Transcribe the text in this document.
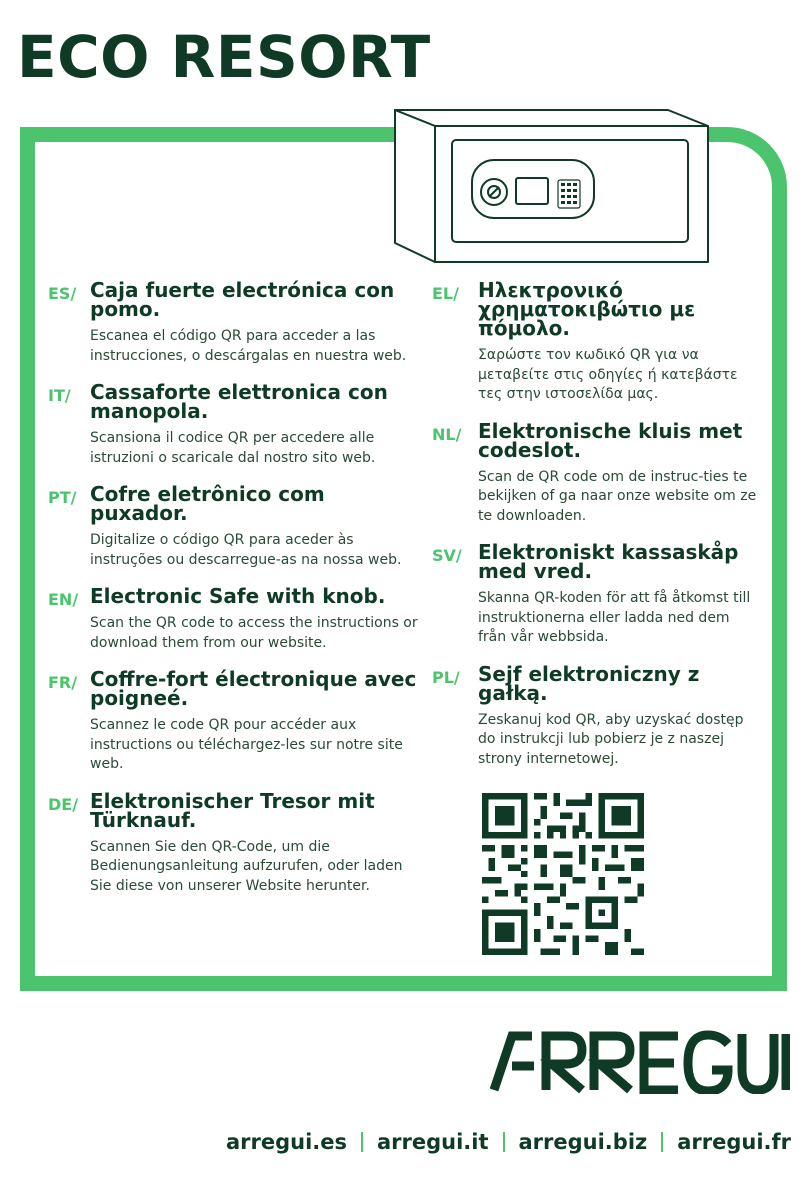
ECO RESORT
ES/ Caja fuerte electrónica con pomo.

Escanea el código QR para acceder a las instrucciones, o descárgalas en nuestra web.

IT/ Cassaforte elettronica con manopola.

Scansiona il codice QR per accedere alle istruzioni o scaricale dal nostro sito web.

PT/ Cofre eletrônico com puxador.

Digitalize o código QR para aceder às instruções ou descarregue-as na nossa web.

EN/ Electronic Safe with knob.

Scan the QR code to access the instructions or download them from our website.

FR/ Coffre-fort électronique avec poigneé.

Scannez le code QR pour accéder aux instructions ou téléchargez-les sur notre site web.

DE/ Elektronischer Tresor mit Türknauf.

Scannen Sie den QR-Code, um die Bedienungsanleitung aufzurufen, oder laden Sie diese von unserer Website herunter.

EL/ Ηλεκτρονικό χρηματοκιβώτιο με πόμολο.

Σαρώστε τον κωδικό QR για να μεταβείτε στις οδηγίες ή κατεβάστε τες στην ιστοσελίδα μας.

NL/ Elektronische kluis met codeslot.

Scan de QR code om de instruc-ties te bekijken of ga naar onze website om ze te downloaden.

SV/ Elektroniskt kassaskåp med vred.

Skanna QR-koden för att få åtkomst till instruktionerna eller ladda ned dem från vår webbsida.

PL/ Sejf elektroniczny z gałką.

Zeskanuj kod QR, aby uzyskać dostęp do instrukcji lub pobierz je z naszej strony internetowej.

arregui.es arregui.it arregui.biz arregui.fr
